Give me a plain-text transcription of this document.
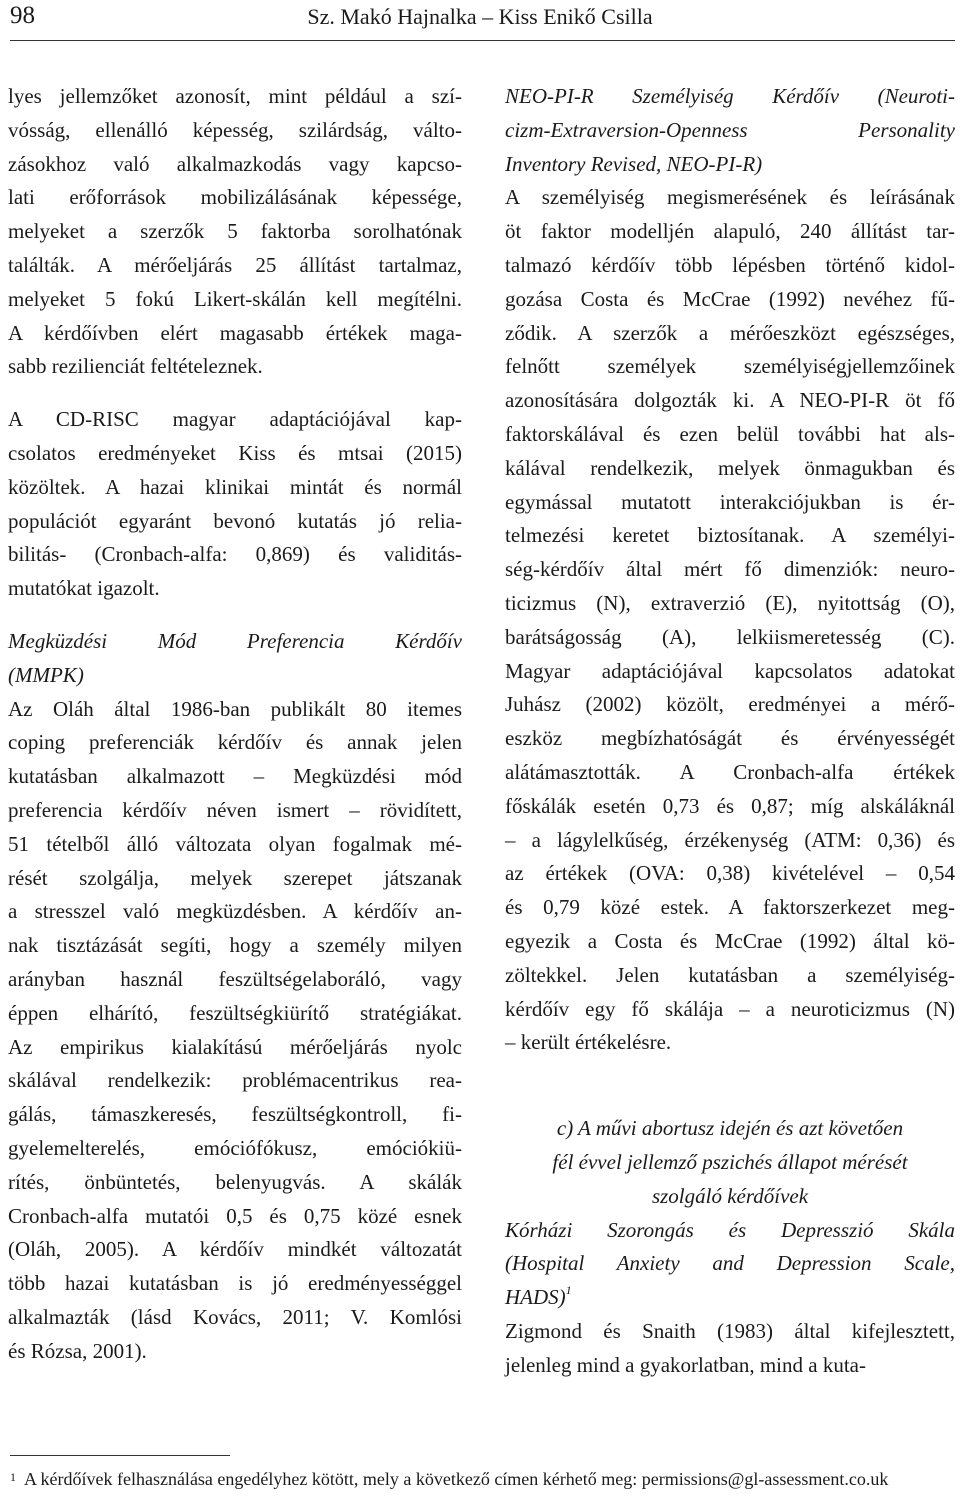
98	Sz. Makó Hajnalka – Kiss Enikő Csilla
lyes jellemzőket azonosít, mint például a szí-
vósság, ellenálló képesség, szilárdság, válto-
zásokhoz való alkalmazkodás vagy kapcso-
lati erőforrások mobilizálásának képessége,
melyeket a szerzők 5 faktorba sorolhatónak
találták. A mérőeljárás 25 állítást tartalmaz,
melyeket 5 fokú Likert-skálán kell megítélni.
A kérdőívben elért magasabb értékek maga-
sabb rezilienciát feltételeznek.
A CD-RISC magyar adaptációjával kap-
csolatos eredményeket Kiss és mtsai (2015)
közöltek. A hazai klinikai mintát és normál
populációt egyaránt bevonó kutatás jó relia-
bilitás- (Cronbach-alfa: 0,869) és validitás-
mutatókat igazolt.
Megküzdési Mód Preferencia Kérdőív
(MMPK)
Az Oláh által 1986-ban publikált 80 itemes
coping preferenciák kérdőív és annak jelen
kutatásban alkalmazott – Megküzdési mód
preferencia kérdőív néven ismert – rövidített,
51 tételből álló változata olyan fogalmak mé-
rését szolgálja, melyek szerepet játszanak
a stresszel való megküzdésben. A kérdőív an-
nak tisztázását segíti, hogy a személy milyen
arányban használ feszültségelaboráló, vagy
éppen elhárító, feszültségkiürítő stratégiákat.
Az empirikus kialakítású mérőeljárás nyolc
skálával rendelkezik: problémacentrikus rea-
gálás, támaszkeresés, feszültségkontroll, fi-
gyelemelterelés, emóciófókusz, emóciókiü-
rítés, önbüntetés, belenyugvás. A skálák
Cronbach-alfa mutatói 0,5 és 0,75 közé esnek
(Oláh, 2005). A kérdőív mindkét változatát
több hazai kutatásban is jó eredményességgel
alkalmazták (lásd Kovács, 2011; V. Komlósi
és Rózsa, 2001).
NEO-PI-R Személyiség Kérdőív (Neuroti-
cizm-Extraversion-Openness Personality
Inventory Revised, NEO-PI-R)
A személyiség megismerésének és leírásának
öt faktor modelljén alapuló, 240 állítást tar-
talmazó kérdőív több lépésben történő kidol-
gozása Costa és McCrae (1992) nevéhez fű-
ződik. A szerzők a mérőeszközt egészséges,
felnőtt személyek személyiségjellemzőinek
azonosítására dolgozták ki. A NEO-PI-R öt fő
faktorskálával és ezen belül további hat als-
kálával rendelkezik, melyek önmagukban és
egymással mutatott interakciójukban is ér-
telmezési keretet biztosítanak. A személyi-
ség-kérdőív által mért fő dimenziók: neuro-
ticizmus (N), extraverzió (E), nyitottság (O),
barátságosság (A), lelkiismeretesség (C).
Magyar adaptációjával kapcsolatos adatokat
Juhász (2002) közölt, eredményei a mérő-
eszköz megbízhatóságát és érvényességét
alátámasztották. A Cronbach-alfa értékek
főskálák esetén 0,73 és 0,87; míg alskáláknál
– a lágylelkűség, érzékenység (ATM: 0,36) és
az értékek (OVA: 0,38) kivételével – 0,54
és 0,79 közé estek. A faktorszerkezet meg-
egyezik a Costa és McCrae (1992) által kö-
zöltekkel. Jelen kutatásban a személyiség-
kérdőív egy fő skálája – a neuroticizmus (N)
– került értékelésre.
c) A művi abortusz idején és azt követően
fél évvel jellemző pszichés állapot mérését
szolgáló kérdőívek
Kórházi Szorongás és Depresszió Skála
(Hospital Anxiety and Depression Scale,
HADS)$^1$
Zigmond és Snaith (1983) által kifejlesztett,
jelenleg mind a gyakorlatban, mind a kuta-
$^1$ A kérdőívek felhasználása engedélyhez kötött, mely a következő címen kérhető meg: permissions@gl-assessment.co.uk
